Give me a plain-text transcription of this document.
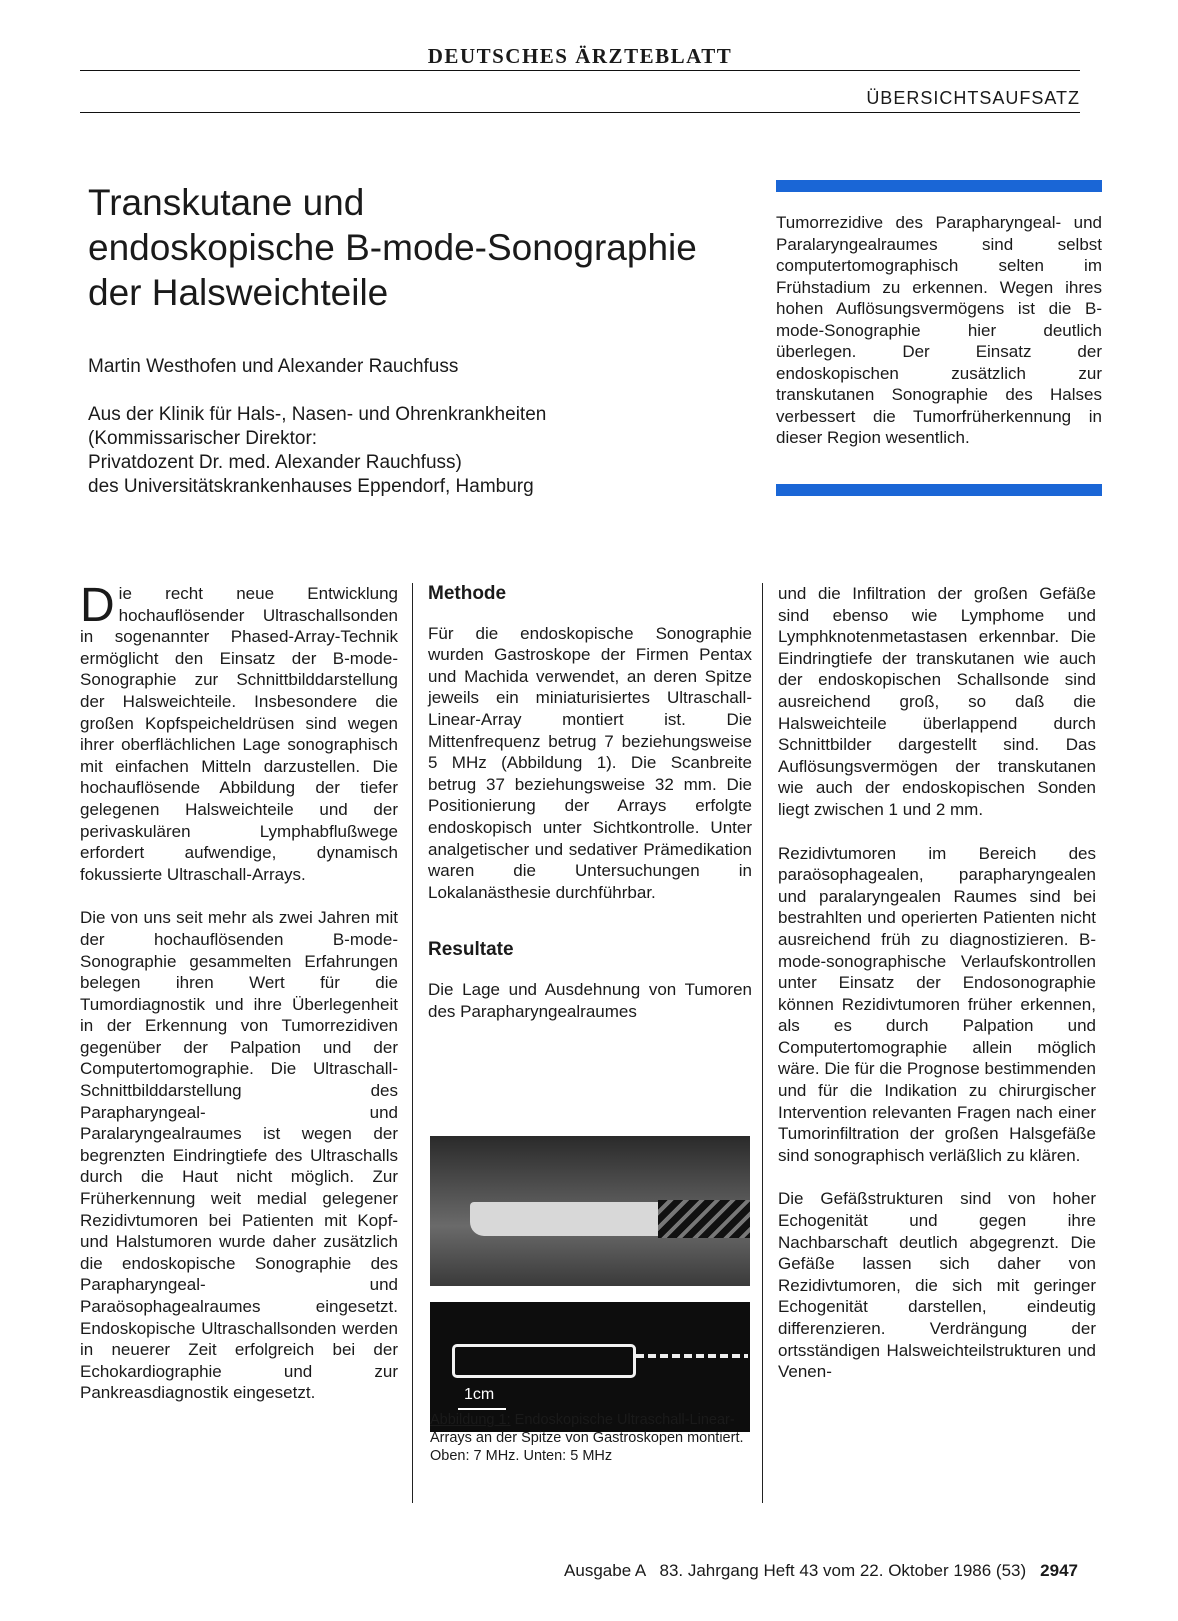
DEUTSCHES ÄRZTEBLATT
ÜBERSICHTSAUFSATZ
Transkutane und
endoskopische B-mode-Sonographie
der Halsweichteile
Martin Westhofen und Alexander Rauchfuss
Aus der Klinik für Hals-, Nasen- und Ohrenkrankheiten
(Kommissarischer Direktor:
Privatdozent Dr. med. Alexander Rauchfuss)
des Universitätskrankenhauses Eppendorf, Hamburg
Tumorrezidive des Parapharyngeal- und Paralaryngealraumes sind selbst computertomographisch selten im Frühstadium zu erkennen. Wegen ihres hohen Auflösungsvermögens ist die B-mode-Sonographie hier deutlich überlegen. Der Einsatz der endoskopischen zusätzlich zur transkutanen Sonographie des Halses verbessert die Tumorfrüherkennung in dieser Region wesentlich.

Die recht neue Entwicklung hochauflösender Ultraschallsonden in sogenannter Phased-Array-Technik ermöglicht den Einsatz der B-mode-Sonographie zur Schnittbilddarstellung der Halsweichteile. Insbesondere die großen Kopfspeicheldrüsen sind wegen ihrer oberflächlichen Lage sonographisch mit einfachen Mitteln darzustellen. Die hochauflösende Abbildung der tiefer gelegenen Halsweichteile und der perivaskulären Lymphabflußwege erfordert aufwendige, dynamisch fokussierte Ultraschall-Arrays.

Die von uns seit mehr als zwei Jahren mit der hochauflösenden B-mode-Sonographie gesammelten Erfahrungen belegen ihren Wert für die Tumordiagnostik und ihre Überlegenheit in der Erkennung von Tumorrezidiven gegenüber der Palpation und der Computertomographie. Die Ultraschall-Schnittbilddarstellung des Parapharyngeal- und Paralaryngealraumes ist wegen der begrenzten Eindringtiefe des Ultraschalls durch die Haut nicht möglich. Zur Früherkennung weit medial gelegener Rezidivtumoren bei Patienten mit Kopf- und Halstumoren wurde daher zusätzlich die endoskopische Sonographie des Parapharyngeal- und Paraösophagealraumes eingesetzt. Endoskopische Ultraschallsonden werden in neuerer Zeit erfolgreich bei der Echokardiographie und zur Pankreasdiagnostik eingesetzt.

Methode

Für die endoskopische Sonographie wurden Gastroskope der Firmen Pentax und Machida verwendet, an deren Spitze jeweils ein miniaturisiertes Ultraschall-Linear-Array montiert ist. Die Mittenfrequenz betrug 7 beziehungsweise 5 MHz (Abbildung 1). Die Scanbreite betrug 37 beziehungsweise 32 mm. Die Positionierung der Arrays erfolgte endoskopisch unter Sichtkontrolle. Unter analgetischer und sedativer Prämedikation waren die Untersuchungen in Lokalanästhesie durchführbar.

Resultate

Die Lage und Ausdehnung von Tumoren des Parapharyngealraumes

und die Infiltration der großen Gefäße sind ebenso wie Lymphome und Lymphknotenmetastasen erkennbar. Die Eindringtiefe der transkutanen wie auch der endoskopischen Schallsonde sind ausreichend groß, so daß die Halsweichteile überlappend durch Schnittbilder dargestellt sind. Das Auflösungsvermögen der transkutanen wie auch der endoskopischen Sonden liegt zwischen 1 und 2 mm.

Rezidivtumoren im Bereich des paraösophagealen, parapharyngealen und paralaryngealen Raumes sind bei bestrahlten und operierten Patienten nicht ausreichend früh zu diagnostizieren. B-mode-sonographische Verlaufskontrollen unter Einsatz der Endosonographie können Rezidivtumoren früher erkennen, als es durch Palpation und Computertomographie allein möglich wäre. Die für die Prognose bestimmenden und für die Indikation zu chirurgischer Intervention relevanten Fragen nach einer Tumorinfiltration der großen Halsgefäße sind sonographisch verläßlich zu klären.

Die Gefäßstrukturen sind von hoher Echogenität und gegen ihre Nachbarschaft deutlich abgegrenzt. Die Gefäße lassen sich daher von Rezidivtumoren, die sich mit geringer Echogenität darstellen, eindeutig differenzieren. Verdrängung der ortsständigen Halsweichteilstrukturen und Venen-

1cm
Abbildung 1: Endoskopische Ultraschall-Linear-Arrays an der Spitze von Gastroskopen montiert. Oben: 7 MHz. Unten: 5 MHz
Ausgabe A   83. Jahrgang Heft 43 vom 22. Oktober 1986 (53) 2947
